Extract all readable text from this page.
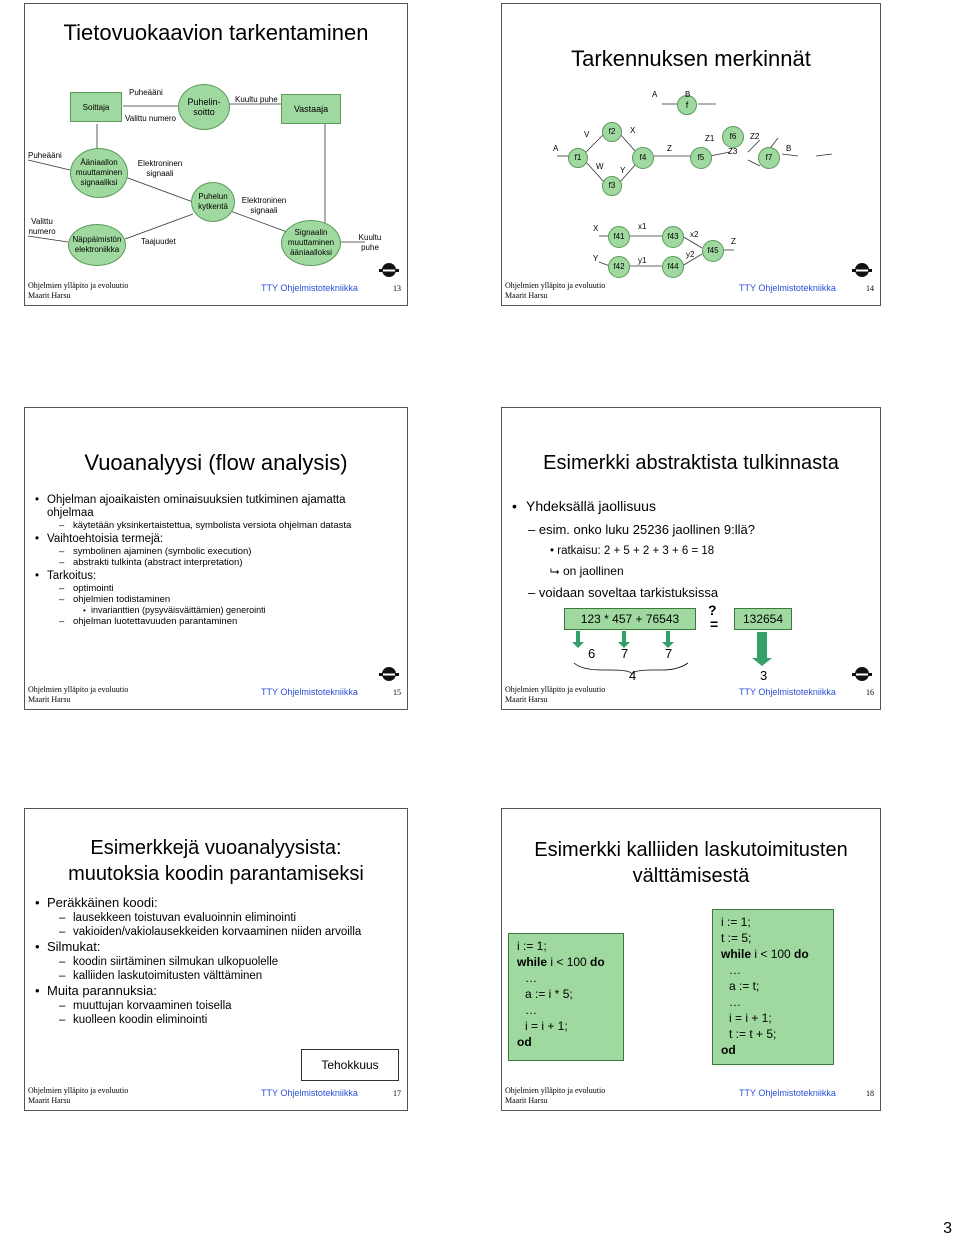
Tietovuokaavion tarkentaminen
Soittaja	Puhelin-soitto	Vastaaja
Ääniaallon muuttaminen signaaliksi
Puhelun kytkentä
Näppäimistön elektroniikka
Signaalin muuttaminen ääniaalloksi
Puheääni
Valittu numero
Kuultu puhe
Puheääni
Valittu numero
Elektroninen signaali
Elektroninen signaali
Taajuudet	Kuultu puhe
Ohjelmien ylläpito ja evoluutio
Maarit Harsu
TTY Ohjelmistotekniikka	13
Tarkennuksen merkinnät
f
f1
f2
f3
f4	f5
f6
f7
f41
f42
f43
f44
f45
A	B
A
V	X
W Y
Z
Z1	Z2
Z3	B
X
Y
x1
y1
x2
y2
Z
Ohjelmien ylläpito ja evoluutio
Maarit Harsu
TTY Ohjelmistotekniikka	14
Vuoanalyysi (flow analysis)
• Ohjelman ajoaikaisten ominaisuuksien tutkiminen ajamatta ohjelmaa
– käytetään yksinkertaistettua, symbolista versiota ohjelman datasta
• Vaihtoehtoisia termejä:
– symbolinen ajaminen (symbolic execution)
– abstrakti tulkinta (abstract interpretation)
• Tarkoitus:
– optimointi
– ohjelmien todistaminen
• invarianttien (pysyväisväittämien) generointi
– ohjelman luotettavuuden parantaminen
Ohjelmien ylläpito ja evoluutio
Maarit Harsu
TTY Ohjelmistotekniikka	15
Esimerkki abstraktista tulkinnasta
• Yhdeksällä jaollisuus
– esim. onko luku 25236 jaollinen 9:llä?
• ratkaisu: 2 + 5 + 2 + 3 + 6 = 18
⮡ on jaollinen
– voidaan soveltaa tarkistuksissa
123 * 457 + 76543
?
=	132654
6 7	7
4	3
Ohjelmien ylläpito ja evoluutio
Maarit Harsu
TTY Ohjelmistotekniikka	16
Esimerkkejä vuoanalyysista: muutoksia koodin parantamiseksi
• Peräkkäinen koodi:
– lausekkeen toistuvan evaluoinnin eliminointi
– vakioiden/vakiolausekkeiden korvaaminen niiden arvoilla
• Silmukat:
– koodin siirtäminen silmukan ulkopuolelle
– kalliiden laskutoimitusten välttäminen
• Muita parannuksia:
– muuttujan korvaaminen toisella
– kuolleen koodin eliminointi
Tehokkuus
Ohjelmien ylläpito ja evoluutio
Maarit Harsu
TTY Ohjelmistotekniikka	17
Esimerkki kalliiden laskutoimitusten välttämisestä
i := 1;
while i < 100 do
…
a := i * 5;
…
i = i + 1;
od
i := 1;
t := 5;
while i < 100 do
…
a := t;
…
i = i + 1;
t := t + 5;
od
Ohjelmien ylläpito ja evoluutio
Maarit Harsu
TTY Ohjelmistotekniikka	18
3
